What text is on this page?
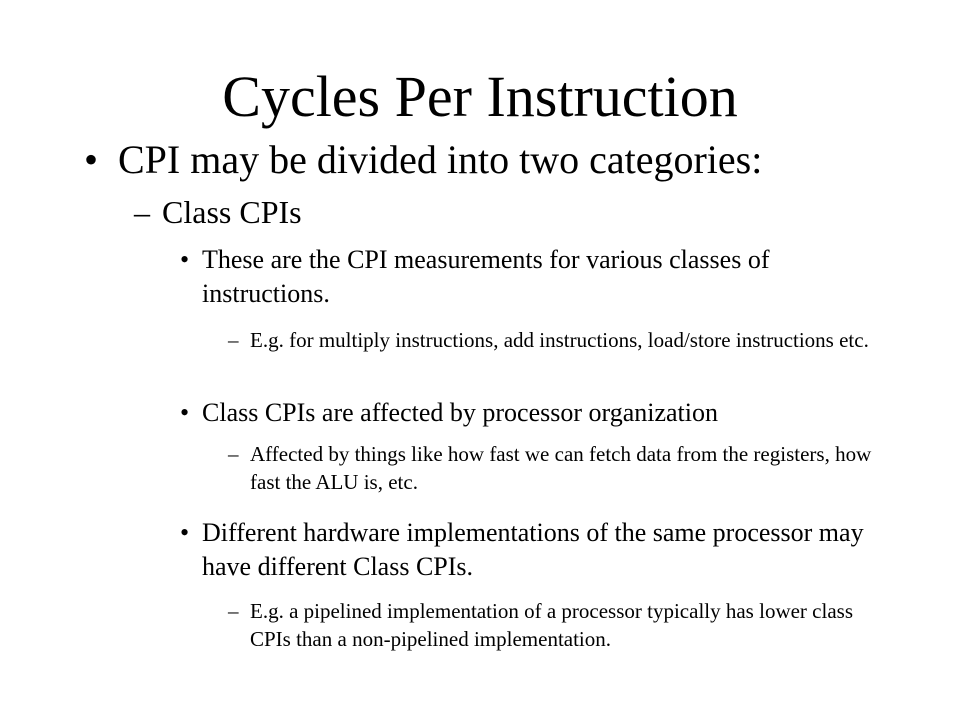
Cycles Per Instruction
• CPI may be divided into two categories:
– Class CPIs
• These are the CPI measurements for various classes of instructions.
– E.g. for multiply instructions, add instructions, load/store instructions etc.
• Class CPIs are affected by processor organization
– Affected by things like how fast we can fetch data from the registers, how fast the ALU is, etc.
• Different hardware implementations of the same processor may have different Class CPIs.
– E.g. a pipelined implementation of a processor typically has lower class CPIs than a non-pipelined implementation.
